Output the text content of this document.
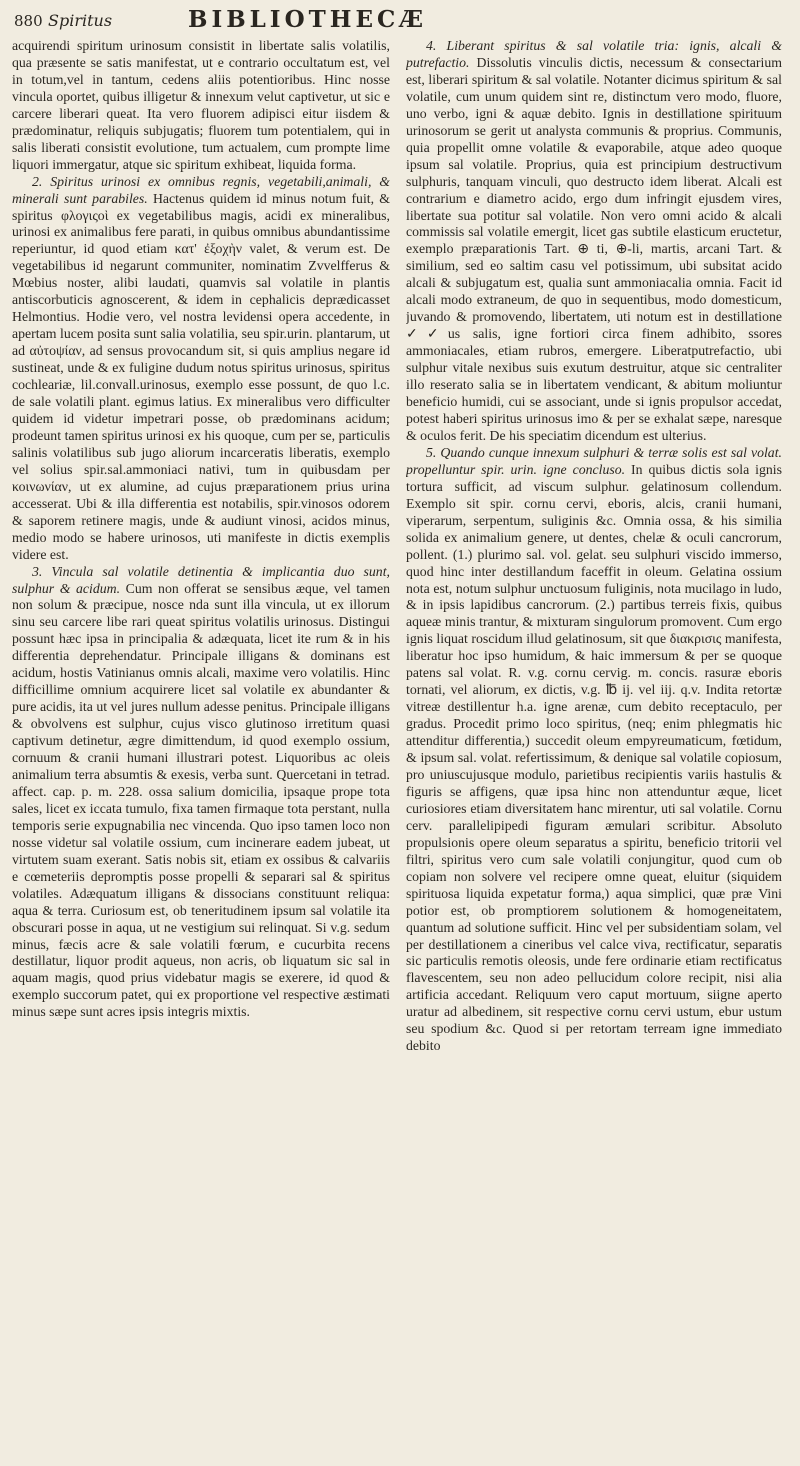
880 Spiritus	BIBLIOTHECÆ

acquirendi spiritum urinosum consistit in libertate salis volatilis, qua præsente se satis manifestat, ut e contrario occultatum est, vel in totum,vel in tantum, cedens aliis potentioribus. Hinc nosse vincula oportet, quibus illigetur & innexum velut captivetur, ut sic e carcere liberari queat. Ita vero fluorem adipisci eitur iisdem & prædominatur, reliquis subjugatis; fluorem tum potentialem, qui in salis liberati consistit evolutione, tum actualem, cum prompte lime liquori immergatur, atque sic spiritum exhibeat, liquida forma.

2. Spiritus urinosi ex omnibus regnis, vegetabili,animali, & minerali sunt parabiles. Hactenus quidem id minus notum fuit, & spiritus φλογιςοὶ ex vegetabilibus magis, acidi ex mineralibus, urinosi ex animalibus fere parati, in quibus omnibus abundantissime reperiuntur, id quod etiam κατ' ἐξοχὴν valet, & verum est. De vegetabilibus id negarunt communiter, nominatim Zvvelfferus & Mœbius noster, alibi laudati, quamvis sal volatile in plantis antiscorbuticis agnoscerent, & idem in cephalicis deprædicasset Helmontius. Hodie vero, vel nostra levidensi opera accedente, in apertam lucem posita sunt salia volatilia, seu spir.urin. plantarum, ut ad αὐτοψίαν, ad sensus provocandum sit, si quis amplius negare id sustineat, unde & ex fuligine dudum notus spiritus urinosus, spiritus cochleariæ, lil.convall.urinosus, exemplo esse possunt, de quo l.c. de sale volatili plant. egimus latius. Ex mineralibus vero difficulter quidem id videtur impetrari posse, ob prædominans acidum; prodeunt tamen spiritus urinosi ex his quoque, cum per se, particulis salinis volatilibus sub jugo aliorum incarceratis liberatis, exemplo vel solius spir.sal.ammoniaci nativi, tum in quibusdam per κοινωνίαν, ut ex alumine, ad cujus præparationem prius urina accesserat. Ubi & illa differentia est notabilis, spir.vinosos odorem & saporem retinere magis, unde & audiunt vinosi, acidos minus, medio modo se habere urinosos, uti manifeste in dictis exemplis videre est.

3. Vincula sal volatile detinentia & implicantia duo sunt, sulphur & acidum. Cum non offerat se sensibus æque, vel tamen non solum & præcipue, nosce nda sunt illa vincula, ut ex illorum sinu seu carcere libe rari queat spiritus volatilis urinosus. Distingui possunt hæc ipsa in principalia & adæquata, licet ite rum & in his differentia deprehendatur. Principale illigans & dominans est acidum, hostis Vatinianus omnis alcali, maxime vero volatilis. Hinc difficillime omnium acquirere licet sal volatile ex abundanter & pure acidis, ita ut vel jures nullum adesse penitus. Principale illigans & obvolvens est sulphur, cujus visco glutinoso irretitum quasi captivum detinetur, ægre dimittendum, id quod exemplo ossium, cornuum & cranii humani illustrari potest. Liquoribus ac oleis animalium terra absumtis & exesis, verba sunt. Quercetani in tetrad. affect. cap. p. m. 228. ossa salium domicilia, ipsaque prope tota sales, licet ex iccata tumulo, fixa tamen firmaque tota perstant, nulla temporis serie expugnabilia nec vincenda. Quo ipso tamen loco non nosse videtur sal volatile ossium, cum incinerare eadem jubeat, ut virtutem suam exerant. Satis nobis sit, etiam ex ossibus & calvariis e cœmeteriis depromptis posse propelli & separari sal & spiritus volatiles. Adæquatum illigans & dissocians constituunt reliqua: aqua & terra. Curiosum est, ob teneritudinem ipsum sal volatile ita obscurari posse in aqua, ut ne vestigium sui relinquat. Si v.g. sedum minus, fæcis acre & sale volatili fœrum, e cucurbita recens destillatur, liquor prodit aqueus, non acris, ob liquatum sic sal in aquam magis, quod prius videbatur magis se exerere, id quod & exemplo succorum patet, qui ex proportione vel respective æstimati minus sæpe sunt acres ipsis integris mixtis.

4. Liberant spiritus & sal volatile tria: ignis, alcali & putrefactio. Dissolutis vinculis dictis, necessum & consectarium est, liberari spiritum & sal volatile. Notanter dicimus spiritum & sal volatile, cum unum quidem sint re, distinctum vero modo, fluore, uno verbo, igni & aquæ debito. Ignis in destillatione spirituum urinosorum se gerit ut analysta communis & proprius. Communis, quia propellit omne volatile & evaporabile, atque adeo quoque ipsum sal volatile. Proprius, quia est principium destructivum sulphuris, tanquam vinculi, quo destructo idem liberat. Alcali est contrarium e diametro acido, ergo dum infringit ejusdem vires, libertate sua potitur sal volatile. Non vero omni acido & alcali commissis sal volatile emergit, licet gas subtile elasticum eructetur, exemplo præparationis Tart. ⊕ ti, ⊕-li, martis, arcani Tart. & similium, sed eo saltim casu vel potissimum, ubi subsitat acido alcali & subjugatum est, qualia sunt ammoniacalia omnia. Facit id alcali modo extraneum, de quo in sequentibus, modo domesticum, juvando & promovendo, libertatem, uti notum est in destillatione ✓✓us salis, igne fortiori circa finem adhibito, ssores ammoniacales, etiam rubros, emergere. Liberatputrefactio, ubi sulphur vitale nexibus suis exutum destruitur, atque sic centraliter illo reserato salia se in libertatem vendicant, & abitum moliuntur beneficio humidi, cui se associant, unde si ignis propulsor accedat, potest haberi spiritus urinosus imo & per se exhalat sæpe, naresque & oculos ferit. De his speciatim dicendum est ulterius.

5. Quando cunque innexum sulphuri & terræ solis est sal volat. propelluntur spir. urin. igne concluso. In quibus dictis sola ignis tortura sufficit, ad viscum sulphur. gelatinosum collendum. Exemplo sit spir. cornu cervi, eboris, alcis, cranii humani, viperarum, serpentum, suliginis &c. Omnia ossa, & his similia solida ex animalium genere, ut dentes, chelæ & oculi cancrorum, pollent. (1.) plurimo sal. vol. gelat. seu sulphuri viscido immerso, quod hinc inter destillandum faceffit in oleum. Gelatina ossium nota est, notum sulphur unctuosum fuliginis, nota mucilago in ludo, & in ipsis lapidibus cancrorum. (2.) partibus terreis fixis, quibus aqueæ minis trantur, & mixturam singulorum promovent. Cum ergo ignis liquat roscidum illud gelatinosum, sit que διακρισις manifesta, liberatur hoc ipso humidum, & haic immersum & per se quoque patens sal volat. R. v.g. cornu cervig. m. concis. rasuræ eboris tornati, vel aliorum, ex dictis, v.g. ℔ ij. vel iij. q.v. Indita retortæ vitreæ destillentur h.a. igne arenæ, cum debito receptaculo, per gradus. Procedit primo loco spiritus, (neq; enim phlegmatis hic attenditur differentia,) succedit oleum empyreumaticum, fœtidum, & ipsum sal. volat. refertissimum, & denique sal volatile copiosum, pro uniuscujusque modulo, parietibus recipientis variis hastulis & figuris se affigens, quæ ipsa hinc non attenduntur æque, licet curiosiores etiam diversitatem hanc mirentur, uti sal volatile. Cornu cerv. parallelipipedi figuram æmulari scribitur. Absoluto propulsionis opere oleum separatus a spiritu, beneficio tritorii vel filtri, spiritus vero cum sale volatili conjungitur, quod cum ob copiam non solvere vel recipere omne queat, eluitur (siquidem spirituosa liquida expetatur forma,) aqua simplici, quæ præ Vini potior est, ob promptiorem solutionem & homogeneitatem, quantum ad solutione sufficit. Hinc vel per subsidentiam solam, vel per destillationem a cineribus vel calce viva, rectificatur, separatis sic particulis remotis oleosis, unde fere ordinarie etiam rectificatus flavescentem, seu non adeo pellucidum colore recipit, nisi alia artificia accedant. Reliquum vero caput mortuum, siigne aperto uratur ad albedinem, sit respective cornu cervi ustum, ebur ustum seu spodium &c. Quod si per retortam terream igne immediato debito
